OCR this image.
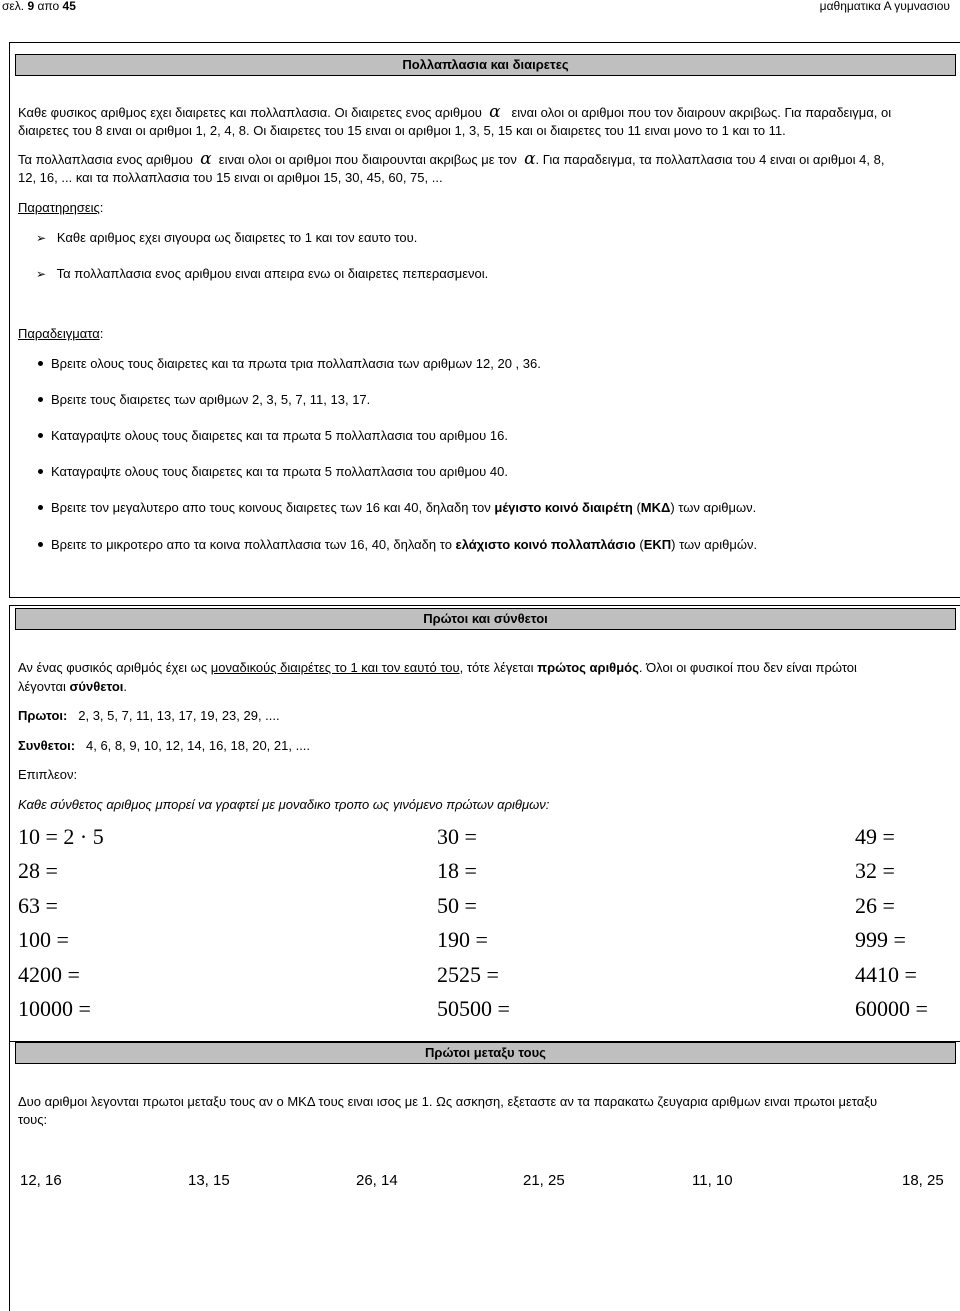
σελ. 9 απο 45	μαθηματικα Α γυμνασιου
Πολλαπλασια και διαιρετες
Καθε φυσικος αριθμος εχει διαιρετες και πολλαπλασια. Οι διαιρετες ενος αριθμου α ειναι ολοι οι αριθμοι που τον διαιρουν ακριβως. Για παραδειγμα, οι
διαιρετες του 8 ειναι οι αριθμοι 1, 2, 4, 8. Οι διαιρετες του 15 ειναι οι αριθμοι 1, 3, 5, 15 και οι διαιρετες του 11 ειναι μονο το 1 και το 11.
Τα πολλαπλασια ενος αριθμου α ειναι ολοι οι αριθμοι που διαιρουνται ακριβως με τον α. Για παραδειγμα, τα πολλαπλασια του 4 ειναι οι αριθμοι 4, 8,
12, 16, ... και τα πολλαπλασια του 15 ειναι οι αριθμοι 15, 30, 45, 60, 75, ...
Παρατηρησεις:
➢ Καθε αριθμος εχει σιγουρα ως διαιρετες το 1 και τον εαυτο του.
➢ Τα πολλαπλασια ενος αριθμου ειναι απειρα ενω οι διαιρετες πεπερασμενοι.
Παραδειγματα:
Βρειτε ολους τους διαιρετες και τα πρωτα τρια πολλαπλασια των αριθμων 12, 20 , 36.
Βρειτε τους διαιρετες των αριθμων 2, 3, 5, 7, 11, 13, 17.
Καταγραψτε ολους τους διαιρετες και τα πρωτα 5 πολλαπλασια του αριθμου 16.
Καταγραψτε ολους τους διαιρετες και τα πρωτα 5 πολλαπλασια του αριθμου 40.
Βρειτε τον μεγαλυτερο απο τους κοινους διαιρετες των 16 και 40, δηλαδη τον μέγιστο κοινό διαιρέτη (ΜΚΔ) των αριθμων.
Βρειτε το μικροτερο απο τα κοινα πολλαπλασια των 16, 40, δηλαδη το ελάχιστο κοινό πολλαπλάσιο (ΕΚΠ) των αριθμών.
Πρώτοι και σύνθετοι
Αν ένας φυσικός αριθμός έχει ως μοναδικούς διαιρέτες το 1 και τον εαυτό του, τότε λέγεται πρώτος αριθμός. Όλοι οι φυσικοί που δεν είναι πρώτοι
λέγονται σύνθετοι.
Πρωτοι: 2, 3, 5, 7, 11, 13, 17, 19, 23, 29, ....
Συνθετοι: 4, 6, 8, 9, 10, 12, 14, 16, 18, 20, 21, ....
Επιπλεον:
Καθε σύνθετος αριθμος μπορεί να γραφτεί με μοναδικο τροπο ως γινόμενο πρώτων αριθμων:
10 = 2 · 5	30 =	49 =
28 =	18 =	32 =
63 =	50 =	26 =
100 =	190 =	999 =
4200 =	2525 =	4410 =
10000 =	50500 =	60000 =
Πρώτοι μεταξυ τους
Δυο αριθμοι λεγονται πρωτοι μεταξυ τους αν ο ΜΚΔ τους ειναι ισος με 1. Ως ασκηση, εξεταστε αν τα παρακατω ζευγαρια αριθμων ειναι πρωτοι μεταξυ
τους:
12, 16	13, 15	26, 14	21, 25	11, 10	18, 25
